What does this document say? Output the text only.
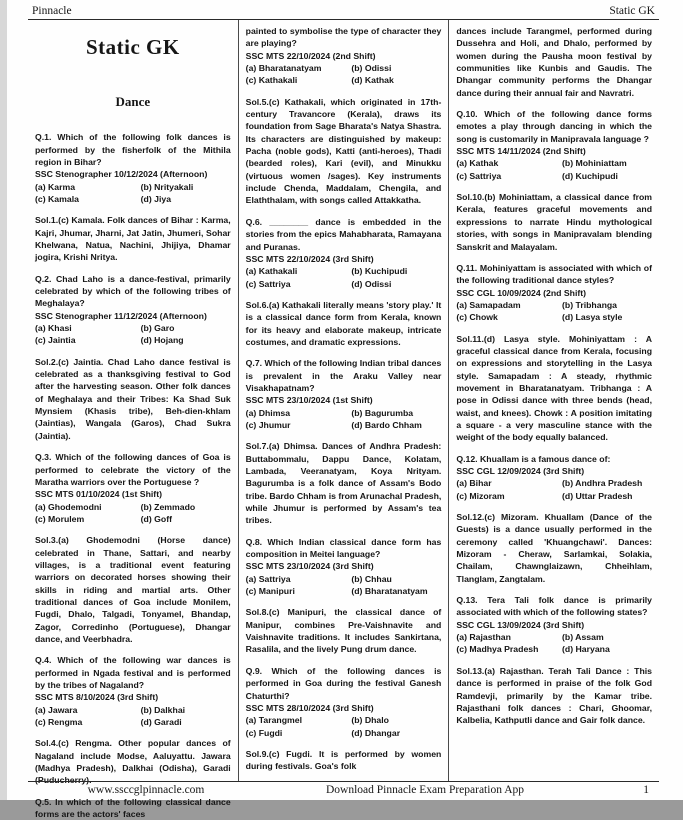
Pinnacle	Static GK
Static GK
Dance

Q.1. Which of the following folk dances is performed by the fisherfolk of the Mithila region in Bihar?

SSC Stenographer 10/12/2024 (Afternoon)

(a) Karma	(b) Nrityakali
(c) Kamala	(d) Jiya

Sol.1.(c) Kamala. Folk dances of Bihar : Karma, Kajri, Jhumar, Jharni, Jat Jatin, Jhumeri, Sohar Khelwana, Natua, Nachini, Jhijiya, Dhamar jogira, Krishi Nritya.

Q.2. Chad Laho is a dance-festival, primarily celebrated by which of the following tribes of Meghalaya?

SSC Stenographer 11/12/2024 (Afternoon)

(a) Khasi	(b) Garo
(c) Jaintia	(d) Hojang

Sol.2.(c) Jaintia. Chad Laho dance festival is celebrated as a thanksgiving festival to God after the harvesting season. Other folk dances of Meghalaya and their Tribes: Ka Shad Suk Mynsiem (Khasis tribe), Beh-dien-khlam (Jaintias), Wangala (Garos), Chad Sukra (Jaintia).

Q.3. Which of the following dances of Goa is performed to celebrate the victory of the Maratha warriors over the Portuguese ?

SSC MTS 01/10/2024 (1st Shift)

(a) Ghodemodni	(b) Zemmado
(c) Morulem	(d) Goff

Sol.3.(a) Ghodemodni (Horse dance) celebrated in Thane, Sattari, and nearby villages, is a traditional event featuring warriors on decorated horses showing their skills in riding and martial arts. Other traditional dances of Goa include Monilem, Fugdi, Dhalo, Talgadi, Tonyamel, Bhandap, Zagor, Corredinho (Portuguese), Dhangar dance, and Veerbhadra.

Q.4. Which of the following war dances is performed in Ngada festival and is performed by the tribes of Nagaland?

SSC MTS 8/10/2024 (3rd Shift)

(a) Jawara	(b) Dalkhai
(c) Rengma	(d) Garadi

Sol.4.(c) Rengma. Other popular dances of Nagaland include Modse, Aaluyattu. Jawara (Madhya Pradesh), Dalkhai (Odisha), Garadi (Puducherry).

Q.5. In which of the following classical dance forms are the actors' faces

painted to symbolise the type of character they are playing?

SSC MTS 22/10/2024 (2nd Shift)

(a) Bharatanatyam	(b) Odissi
(c) Kathakali	(d) Kathak

Sol.5.(c) Kathakali, which originated in 17th-century Travancore (Kerala), draws its foundation from Sage Bharata's Natya Shastra. Its characters are distinguished by makeup: Pacha (noble gods), Katti (anti-heroes), Thadi (bearded roles), Kari (evil), and Minukku (virtuous women /sages). Key instruments include Chenda, Maddalam, Chengila, and Elaththalam, with songs called Attakkatha.

Q.6. ________ dance is embedded in the stories from the epics Mahabharata, Ramayana and Puranas.

SSC MTS 22/10/2024 (3rd Shift)

(a) Kathakali	(b) Kuchipudi
(c) Sattriya	(d) Odissi

Sol.6.(a) Kathakali literally means 'story play.' It is a classical dance form from Kerala, known for its heavy and elaborate makeup, intricate costumes, and dramatic expressions.

Q.7. Which of the following Indian tribal dances is prevalent in the Araku Valley near Visakhapatnam?

SSC MTS 23/10/2024 (1st Shift)

(a) Dhimsa	(b) Bagurumba
(c) Jhumur	(d) Bardo Chham

Sol.7.(a) Dhimsa. Dances of Andhra Pradesh: Buttabommalu, Dappu Dance, Kolatam, Lambada, Veeranatyam, Koya Nrityam. Bagurumba is a folk dance of Assam's Bodo tribe. Bardo Chham is from Arunachal Pradesh, while Jhumur is performed by Assam's tea tribes.

Q.8. Which Indian classical dance form has composition in Meitei language?

SSC MTS 23/10/2024 (3rd Shift)

(a) Sattriya	(b) Chhau
(c) Manipuri	(d) Bharatanatyam

Sol.8.(c) Manipuri, the classical dance of Manipur, combines Pre-Vaishnavite and Vaishnavite traditions. It includes Sankirtana, Rasalila, and the lively Pung drum dance.

Q.9. Which of the following dances is performed in Goa during the festival Ganesh Chaturthi?

SSC MTS 28/10/2024 (3rd Shift)

(a) Tarangmel	(b) Dhalo
(c) Fugdi	(d) Dhangar

Sol.9.(c) Fugdi. It is performed by women during festivals. Goa's folk

dances include Tarangmel, performed during Dussehra and Holi, and Dhalo, performed by women during the Pausha moon festival by communities like Kunbis and Gaudis. The Dhangar community performs the Dhangar dance during their annual fair and Navratri.

Q.10. Which of the following dance forms emotes a play through dancing in which the song is customarily in Manipravala language ?

SSC MTS 14/11/2024 (2nd Shift)

(a) Kathak	(b) Mohiniattam
(c) Sattriya	(d) Kuchipudi

Sol.10.(b) Mohiniattam, a classical dance from Kerala, features graceful movements and expressions to narrate Hindu mythological stories, with songs in Manipravalam blending Sanskrit and Malayalam.

Q.11. Mohiniyattam is associated with which of the following traditional dance styles?

SSC CGL 10/09/2024 (2nd Shift)

(a) Samapadam	(b) Tribhanga
(c) Chowk	(d) Lasya style

Sol.11.(d) Lasya style. Mohiniyattam : A graceful classical dance from Kerala, focusing on expressions and storytelling in the Lasya style. Samapadam : A steady, rhythmic movement in Bharatanatyam. Tribhanga : A pose in Odissi dance with three bends (head, waist, and knees). Chowk : A position imitating a square - a very masculine stance with the weight of the body equally balanced.

Q.12. Khuallam is a famous dance of:

SSC CGL 12/09/2024 (3rd Shift)

(a) Bihar	(b) Andhra Pradesh
(c) Mizoram	(d) Uttar Pradesh

Sol.12.(c) Mizoram. Khuallam (Dance of the Guests) is a dance usually performed in the ceremony called 'Khuangchawi'. Dances: Mizoram - Cheraw, Sarlamkai, Solakia, Chailam, Chawnglaizawn, Chheihlam, Tlanglam, Zangtalam.

Q.13. Tera Tali folk dance is primarily associated with which of the following states?

SSC CGL 13/09/2024 (3rd Shift)

(a) Rajasthan	(b) Assam
(c) Madhya Pradesh	(d) Haryana

Sol.13.(a) Rajasthan. Terah Tali Dance : This dance is performed in praise of the folk God Ramdevji, primarily by the Kamar tribe. Rajasthani folk dances : Chari, Ghoomar, Kalbelia, Kathputli dance and Gair folk dance.

www.ssccglpinnacle.com	Download Pinnacle Exam Preparation App	1
